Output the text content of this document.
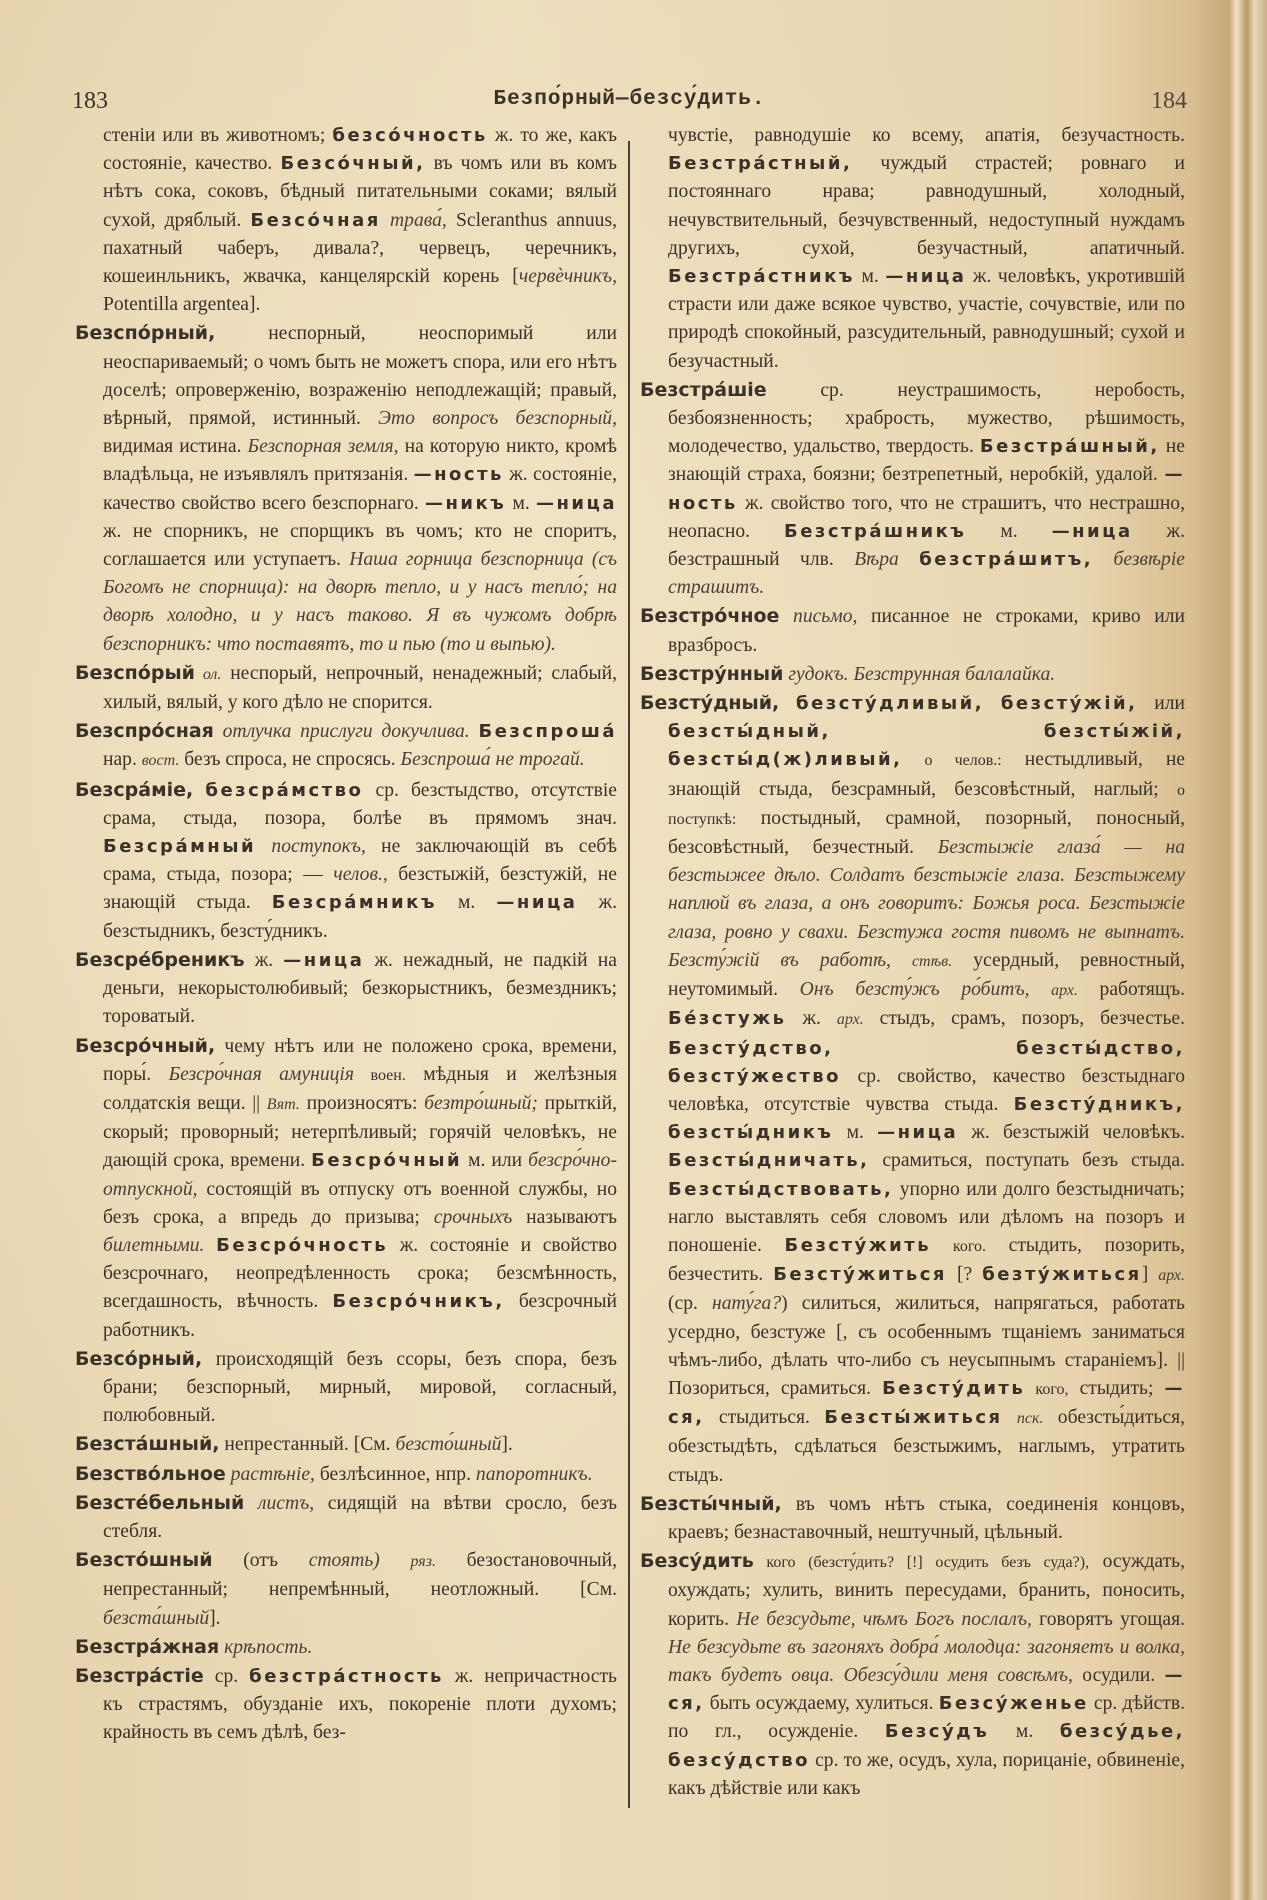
183	Безпо́рный—безсу́дить.	184

стеніи или въ животномъ; безсо́чность ж. то же, какъ состояніе, качество. Безсо́чный, въ чомъ или въ комъ нѣтъ сока, соковъ, бѣдный питательными соками; вялый сухой, дряблый. Безсо́чная трава́, Scleranthus annuus, пахатный чаберъ, дивала?, червецъ, черечникъ, кошеинльникъ, жвачка, канцелярскій корень [червѐчникъ, Potentilla argentea].

Безспо́рный, неспорный, неоспоримый или неоспариваемый; о чомъ быть не можетъ спора, или его нѣтъ доселѣ; опроверженію, возраженію неподлежащій; правый, вѣрный, прямой, истинный. Это вопросъ безспорный, видимая истина. Безспорная земля, на которую никто, кромѣ владѣльца, не изъявлялъ притязанія. —ность ж. состояніе, качество свойство всего безспорнаго. —никъ м. —ница ж. не спорникъ, не спорщикъ въ чомъ; кто не споритъ, соглашается или уступаетъ. Наша горница безспорница (съ Богомъ не спорница): на дворѣ тепло, и у насъ тепло́; на дворѣ холодно, и у насъ таково. Я въ чужомъ добрѣ безспорникъ: что поставятъ, то и пью (то и выпью).

Безспо́рый ол. неспорый, непрочный, ненадежный; слабый, хилый, вялый, у кого дѣло не спорится.

Безспро́сная отлучка прислуги докучлива. Безспроша́ нар. вост. безъ спроса, не спросясь. Безспроша́ не трогай.

Безсра́міе, безсра́мство ср. безстыдство, отсутствіе срама, стыда, позора, болѣе въ прямомъ знач. Безсра́мный поступокъ, не заключающій въ себѣ срама, стыда, позора; — челов., безстыжій, безстужій, не знающій стыда. Безсра́мникъ м. —ница ж. безстыдникъ, безсту́дникъ.

Безсре́бреникъ ж. —ница ж. нежадный, не падкій на деньги, некорыстолюбивый; безкорыстникъ, безмездникъ; тороватый.

Безсро́чный, чему нѣтъ или не положено срока, времени, поры́. Безсро́чная амуниція воен. мѣдныя и желѣзныя солдатскія вещи. || Вят. произносятъ: безтро́шный; прыткій, скорый; проворный; нетерпѣливый; горячій человѣкъ, не дающій срока, времени. Безсро́чный м. или безсро́чно-отпускной, состоящій въ отпуску отъ военной службы, но безъ срока, а впредь до призыва; срочныхъ называютъ билетными. Безсро́чность ж. состояніе и свойство безсрочнаго, неопредѣленность срока; безсмѣнность, всегдашность, вѣчность. Безсро́чникъ, безсрочный работникъ.

Безсо́рный, происходящій безъ ссоры, безъ спора, безъ брани; безспорный, мирный, мировой, согласный, полюбовный.

Безста́шный, непрестанный. [См. безсто́шный].

Безство́льное растѣніе, безлѣсинное, нпр. папоротникъ.

Безсте́бельный листъ, сидящій на вѣтви сросло, безъ стебля.

Безсто́шный (отъ стоять) ряз. безостановочный, непрестанный; непремѣнный, неотложный. [См. безста́шный].

Безстра́жная крѣпость.

Безстра́стіе ср. безстра́стность ж. непричастность къ страстямъ, обузданіе ихъ, покореніе плоти духомъ; крайность въ семъ дѣлѣ, без-

чувстіе, равнодушіе ко всему, апатія, безучастность. Безстра́стный, чуждый страстей; ровнаго и постояннаго нрава; равнодушный, холодный, нечувствительный, безчувственный, недоступный нуждамъ другихъ, сухой, безучастный, апатичный. Безстра́стникъ м. —ница ж. человѣкъ, укротившій страсти или даже всякое чувство, участіе, сочувствіе, или по природѣ спокойный, разсудительный, равнодушный; сухой и безучастный.

Безстра́шіе ср. неустрашимость, неробость, безбоязненность; храбрость, мужество, рѣшимость, молодечество, удальство, твердость. Безстра́шный, не знающій страха, боязни; безтрепетный, неробкій, удалой. —ность ж. свойство того, что не страшитъ, что нестрашно, неопасно. Безстра́шникъ м. —ница ж. безстрашный члв. Вѣра безстра́шитъ, безвѣріе страшитъ.

Безстро́чное письмо, писанное не строками, криво или вразбросъ.

Безстру́нный гудокъ. Безструнная балалайка.

Безсту́дный, безсту́дливый, безсту́жій, или безсты́дный, безсты́жій, безсты́д(ж)ливый, о челов.: нестыдливый, не знающій стыда, безсрамный, безсовѣстный, наглый; о поступкѣ: постыдный, срамной, позорный, поносный, безсовѣстный, безчестный. Безстыжіе глаза́ — на безстыжее дѣло. Солдатъ безстыжіе глаза. Безстыжему наплюй въ глаза, а онъ говоритъ: Божья роса. Безстыжіе глаза, ровно у свахи. Безстужа гостя пивомъ не выпнатъ. Безсту́жій въ работѣ, стѣв. усердный, ревностный, неутомимый. Онъ безсту́жъ ро́битъ, арх. работящъ. Бе́зстужь ж. арх. стыдъ, срамъ, позоръ, безчестье. Безсту́дство, безсты́дство, безсту́жество ср. свойство, качество безстыднаго человѣка, отсутствіе чувства стыда. Безсту́дникъ, безсты́дникъ м. —ница ж. безстыжій человѣкъ. Безсты́дничать, срамиться, поступать безъ стыда. Безсты́дствовать, упорно или долго безстыдничать; нагло выставлять себя словомъ или дѣломъ на позоръ и поношеніе. Безсту́жить кого. стыдить, позорить, безчестить. Безсту́житься [? безту́житься] арх. (ср. нату́га?) силиться, жилиться, напрягаться, работать усердно, безстуже [, съ особеннымъ тщаніемъ заниматься чѣмъ-либо, дѣлать что-либо съ неусыпнымъ стараніемъ]. || Позориться, срамиться. Безсту́дить кого, стыдить; —ся, стыдиться. Безсты́житься пск. обезсты́диться, обезстыдѣть, сдѣлаться безстыжимъ, наглымъ, утратить стыдъ.

Безсты́чный, въ чомъ нѣтъ стыка, соединенія концовъ, краевъ; безнаставочный, нештучный, цѣльный.

Безсу́дить кого (безсту́дить? [!] осудить безъ суда?), осуждать, охуждать; хулить, винить пересудами, бранить, поносить, корить. Не безсудьте, чѣмъ Богъ послалъ, говорятъ угощая. Не безсудьте въ загоняхъ добра́ молодца: загоняетъ и волка, такъ будетъ овца. Обезсу́дили меня совсѣмъ, осудили. —ся, быть осуждаему, хулиться. Безсу́женье ср. дѣйств. по гл., осужденіе. Безсу́дъ м. безсу́дье, безсу́дство ср. то же, осудъ, хула, порицаніе, обвиненіе, какъ дѣйствіе или какъ
